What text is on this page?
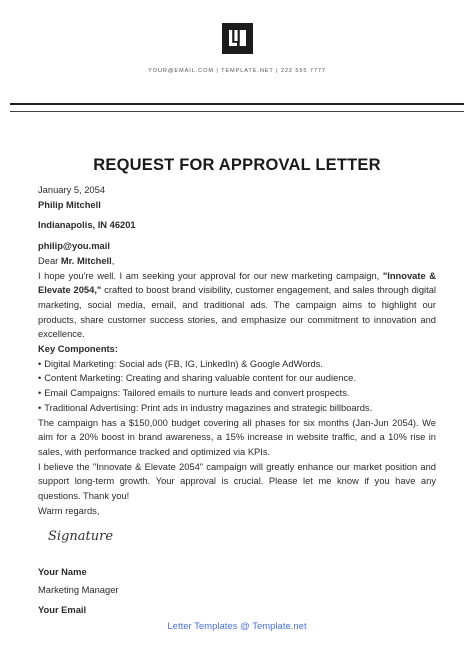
YOUR@EMAIL.COM | TEMPLATE.NET | 222 555 7777
REQUEST FOR APPROVAL LETTER

January 5, 2054

Philip Mitchell

Indianapolis, IN 46201

philip@you.mail

Dear Mr. Mitchell,

I hope you're well. I am seeking your approval for our new marketing campaign, "Innovate & Elevate 2054," crafted to boost brand visibility, customer engagement, and sales through digital marketing, social media, email, and traditional ads. The campaign aims to highlight our products, share customer success stories, and emphasize our commitment to innovation and excellence.

Key Components:

• Digital Marketing: Social ads (FB, IG, LinkedIn) & Google AdWords.
• Content Marketing: Creating and sharing valuable content for our audience.
• Email Campaigns: Tailored emails to nurture leads and convert prospects.
• Traditional Advertising: Print ads in industry magazines and strategic billboards.

The campaign has a $150,000 budget covering all phases for six months (Jan-Jun 2054). We aim for a 20% boost in brand awareness, a 15% increase in website traffic, and a 10% rise in sales, with performance tracked and optimized via KPIs.

I believe the "Innovate & Elevate 2054" campaign will greatly enhance our market position and support long-term growth. Your approval is crucial. Please let me know if you have any questions. Thank you!

Warm regards,

Signature
Your Name
Marketing Manager
Your Email
Letter Templates @ Template.net
